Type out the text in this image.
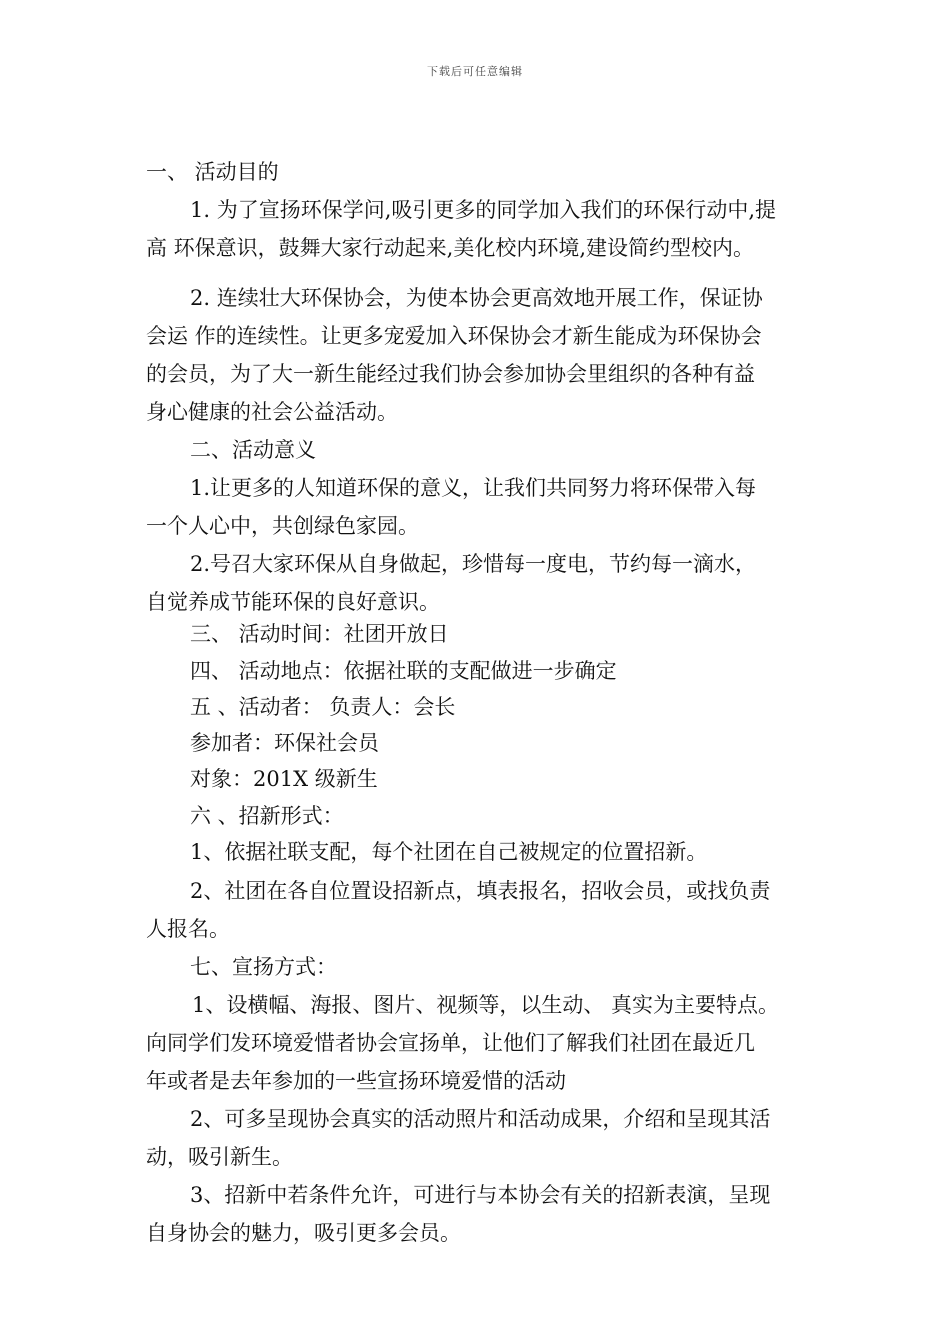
下载后可任意编辑
一、 活动目的
1. 为了宣扬环保学问,吸引更多的同学加入我们的环保行动中,提
高 环保意识，鼓舞大家行动起来,美化校内环境,建设简约型校内。
2. 连续壮大环保协会，为使本协会更高效地开展工作，保证协
会运 作的连续性。让更多宠爱加入环保协会才新生能成为环保协会
的会员，为了大一新生能经过我们协会参加协会里组织的各种有益
身心健康的社会公益活动。
二、活动意义
1.让更多的人知道环保的意义，让我们共同努力将环保带入每
一个人心中，共创绿色家园。
2.号召大家环保从自身做起，珍惜每一度电，节约每一滴水，
自觉养成节能环保的良好意识。
三、 活动时间：社团开放日
四、 活动地点：依据社联的支配做进一步确定
五 、活动者： 负责人：会长
参加者：环保社会员
对象：201X 级新生
六 、招新形式：
1、依据社联支配，每个社团在自己被规定的位置招新。
2、社团在各自位置设招新点，填表报名，招收会员，或找负责
人报名。
七、宣扬方式：
1、设横幅、海报、图片、视频等，以生动、 真实为主要特点。
向同学们发环境爱惜者协会宣扬单，让他们了解我们社团在最近几
年或者是去年参加的一些宣扬环境爱惜的活动
2、可多呈现协会真实的活动照片和活动成果，介绍和呈现其活
动，吸引新生。
3、招新中若条件允许，可进行与本协会有关的招新表演，呈现
自身协会的魅力，吸引更多会员。
